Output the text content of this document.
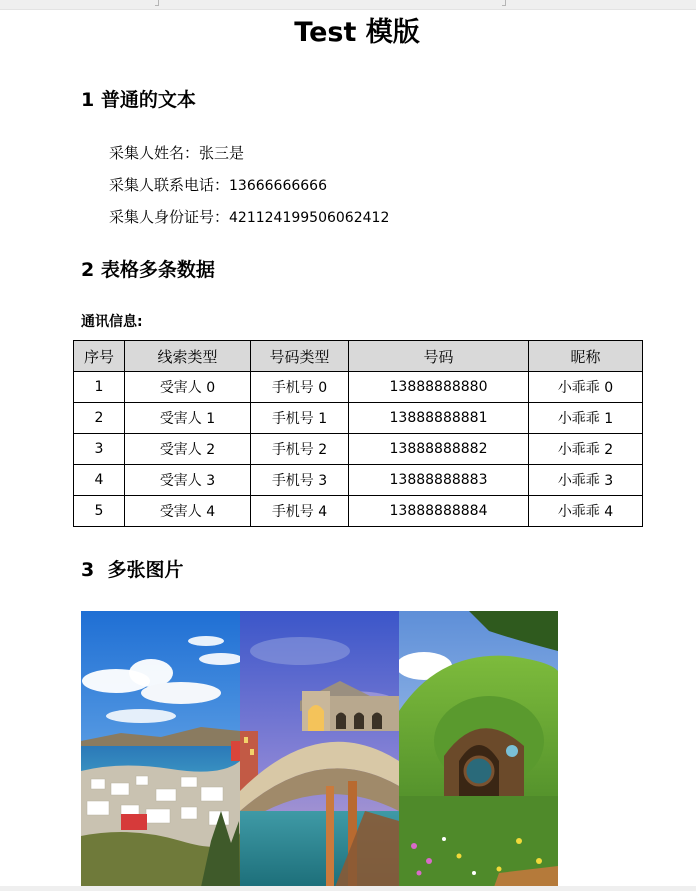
Test 模版
1 普通的文本
采集人姓名：张三是
采集人联系电话：13666666666
采集人身份证号：421124199506062412
2 表格多条数据
通讯信息:
序号	线索类型	号码类型	号码	昵称
1	受害人 0	手机号 0	13888888880	小乖乖 0
2	受害人 1	手机号 1	13888888881	小乖乖 1
3	受害人 2	手机号 2	13888888882	小乖乖 2
4	受害人 3	手机号 3	13888888883	小乖乖 3
5	受害人 4	手机号 4	13888888884	小乖乖 4
3  多张图片
